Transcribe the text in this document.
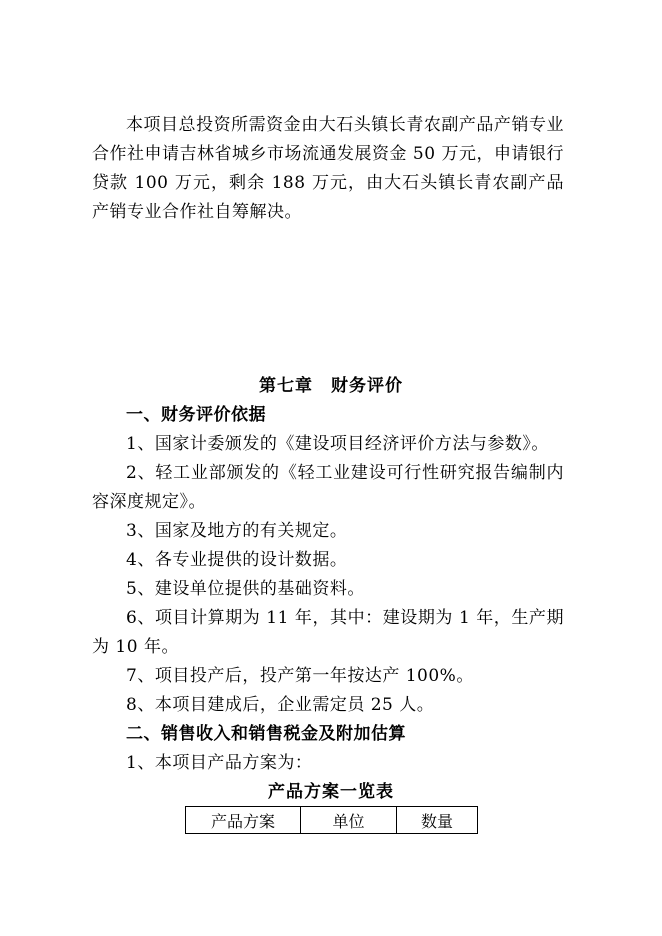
本项目总投资所需资金由大石头镇长青农副产品产销专业合作社申请吉林省城乡市场流通发展资金 50 万元，申请银行贷款 100 万元，剩余 188 万元，由大石头镇长青农副产品产销专业合作社自筹解决。

第七章 财务评价
一、财务评价依据
1、国家计委颁发的《建设项目经济评价方法与参数》。

2、轻工业部颁发的《轻工业建设可行性研究报告编制内容深度规定》。

3、国家及地方的有关规定。
4、各专业提供的设计数据。
5、建设单位提供的基础资料。

6、项目计算期为 11 年，其中：建设期为 1 年，生产期为 10 年。

7、项目投产后，投产第一年按达产 100%。
8、本项目建成后，企业需定员 25 人。
二、销售收入和销售税金及附加估算
1、本项目产品方案为：
产品方案一览表
产品方案	单位	数量
